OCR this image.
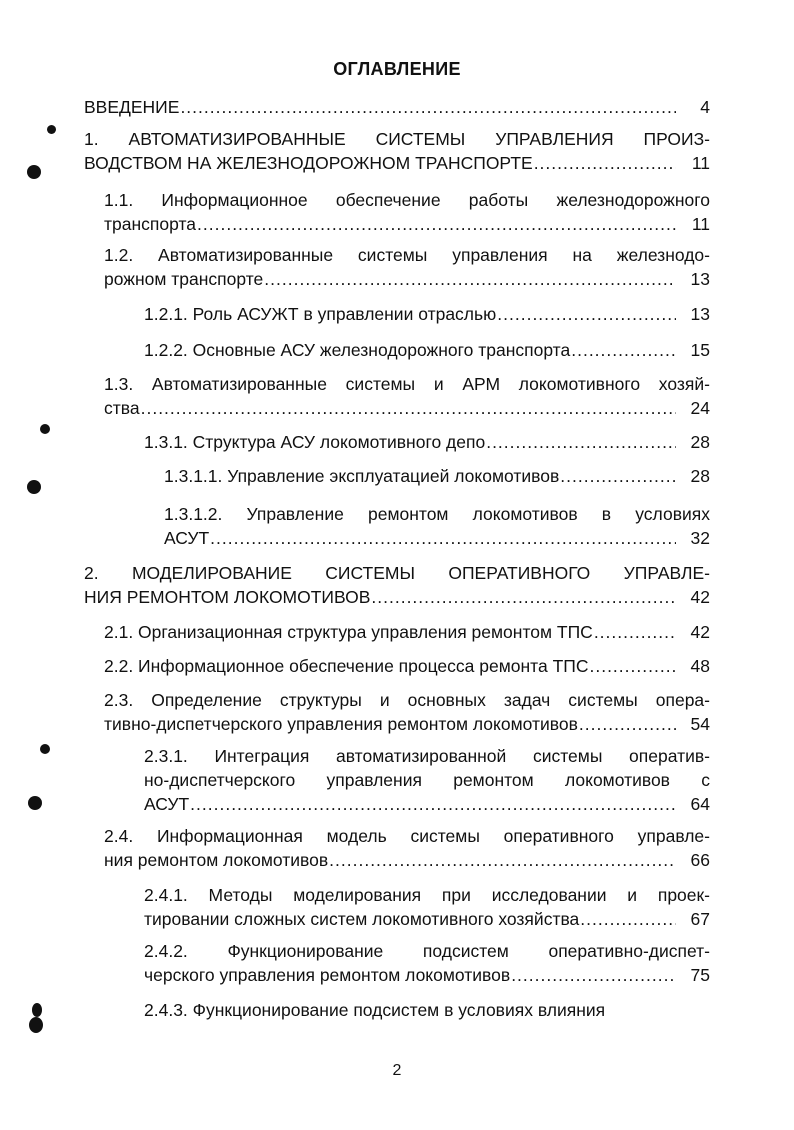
ОГЛАВЛЕНИЕ
ВВЕДЕНИЕ .....	4
1. АВТОМАТИЗИРОВАННЫЕ СИСТЕМЫ УПРАВЛЕНИЯ ПРОИЗ-
ВОДСТВОМ НА ЖЕЛЕЗНОДОРОЖНОМ ТРАНСПОРТЕ .....	11
1.1. Информационное обеспечение работы железнодорожного
транспорта .....	11
1.2. Автоматизированные системы управления на железнодо-
рожном транспорте .....	13
1.2.1. Роль АСУЖТ в управлении отраслью .....	13
1.2.2. Основные АСУ железнодорожного транспорта .....	15
1.3. Автоматизированные системы и АРМ локомотивного хозяй-
ства .....	24
1.3.1. Структура АСУ локомотивного депо .....	28
1.3.1.1. Управление эксплуатацией локомотивов .....	28
1.3.1.2. Управление ремонтом локомотивов в условиях
АСУТ .....	32
2. МОДЕЛИРОВАНИЕ СИСТЕМЫ ОПЕРАТИВНОГО УПРАВЛЕ-
НИЯ РЕМОНТОМ ЛОКОМОТИВОВ .....	42
2.1. Организационная структура управления ремонтом ТПС .....	42
2.2. Информационное обеспечение процесса ремонта ТПС .....	48
2.3. Определение структуры и основных задач системы опера-
тивно-диспетчерского управления ремонтом локомотивов .....	54
2.3.1. Интеграция автоматизированной системы оператив-
но-диспетчерского управления ремонтом локомотивов с
АСУТ .....	64
2.4. Информационная модель системы оперативного управле-
ния ремонтом локомотивов .....	66
2.4.1. Методы моделирования при исследовании и проек-
тировании сложных систем локомотивного хозяйства .....	67
2.4.2. Функционирование подсистем оперативно-диспет-
черского управления ремонтом локомотивов .....	75
2.4.3. Функционирование подсистем в условиях влияния
2
